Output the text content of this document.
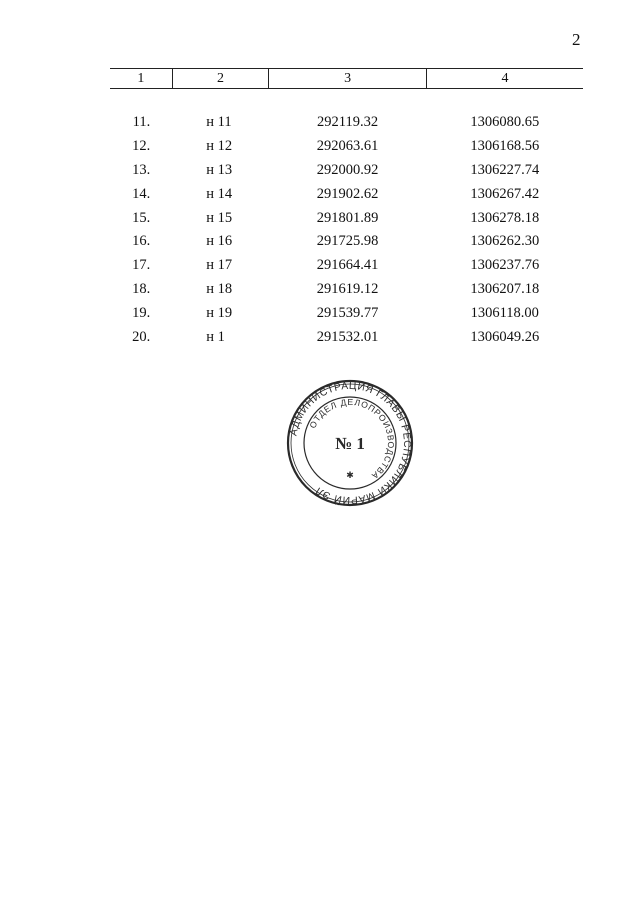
2
1	2	3	4

11.	н 11	292119.32	1306080.65
12.	н 12	292063.61	1306168.56
13.	н 13	292000.92	1306227.74
14.	н 14	291902.62	1306267.42
15.	н 15	291801.89	1306278.18
16.	н 16	291725.98	1306262.30
17.	н 17	291664.41	1306237.76
18.	н 18	291619.12	1306207.18
19.	н 19	291539.77	1306118.00
20.	н 1	291532.01	1306049.26
АДМИНИСТРАЦИЯ ГЛАВЫ РЕСПУБЛИКИ МАРИЙ ЭЛ
ОТДЕЛ ДЕЛОПРОИЗВОДСТВА
№ 1
✱
